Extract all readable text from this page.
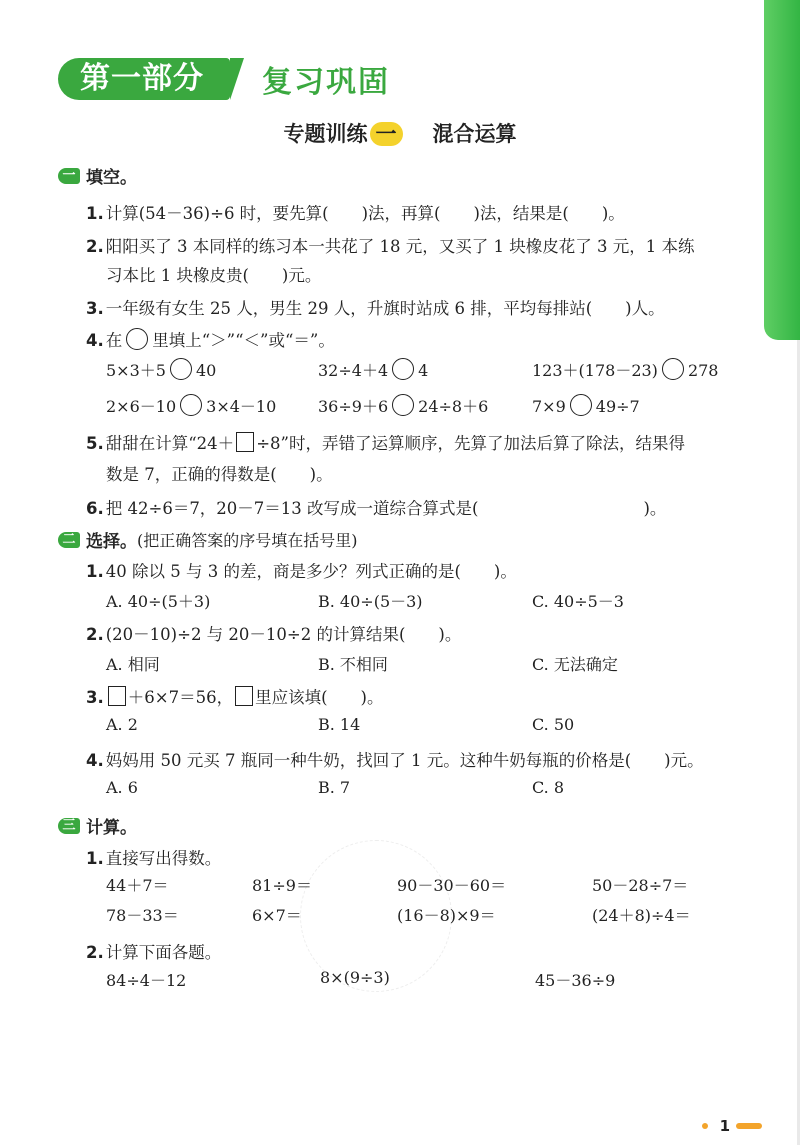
第一部分	复习巩固
专题训练 一 混合运算
一 填空。
1. 计算(54－36)÷6 时，要先算(　　)法，再算(　　)法，结果是(　　)。
2. 阳阳买了 3 本同样的练习本一共花了 18 元，又买了 1 块橡皮花了 3 元，1 本练
习本比 1 块橡皮贵(　　)元。
3. 一年级有女生 25 人，男生 29 人，升旗时站成 6 排，平均每排站(　　)人。
4. 在 里填上“＞”“＜”或“＝”。
5×3＋5 40	32÷4＋4 4	123＋(178－23) 278
2×6－10 3×4－10	36÷9＋6 24÷8＋6	7×9 49÷7
5. 甜甜在计算“24＋ ÷8”时，弄错了运算顺序，先算了加法后算了除法，结果得
数是 7，正确的得数是(　　)。
6. 把 42÷6＝7，20－7＝13 改写成一道综合算式是(　　　　　　　　　　)。
二 选择。 (把正确答案的序号填在括号里)
1. 40 除以 5 与 3 的差，商是多少？列式正确的是(　　)。
A. 40÷(5＋3)	B. 40÷(5－3)	C. 40÷5－3
2. (20－10)÷2 与 20－10÷2 的计算结果(　　)。
A. 相同	B. 不相同	C. 无法确定
3. ＋6×7＝56， 里应该填(　　)。
A. 2	B. 14	C. 50
4. 妈妈用 50 元买 7 瓶同一种牛奶，找回了 1 元。这种牛奶每瓶的价格是(　　)元。
A. 6	B. 7	C. 8
三 计算。
1. 直接写出得数。
44＋7＝	81÷9＝	90－30－60＝	50－28÷7＝
78－33＝	6×7＝	(16－8)×9＝	(24＋8)÷4＝
2. 计算下面各题。
84÷4－12	8×(9÷3)	45－36÷9
1
